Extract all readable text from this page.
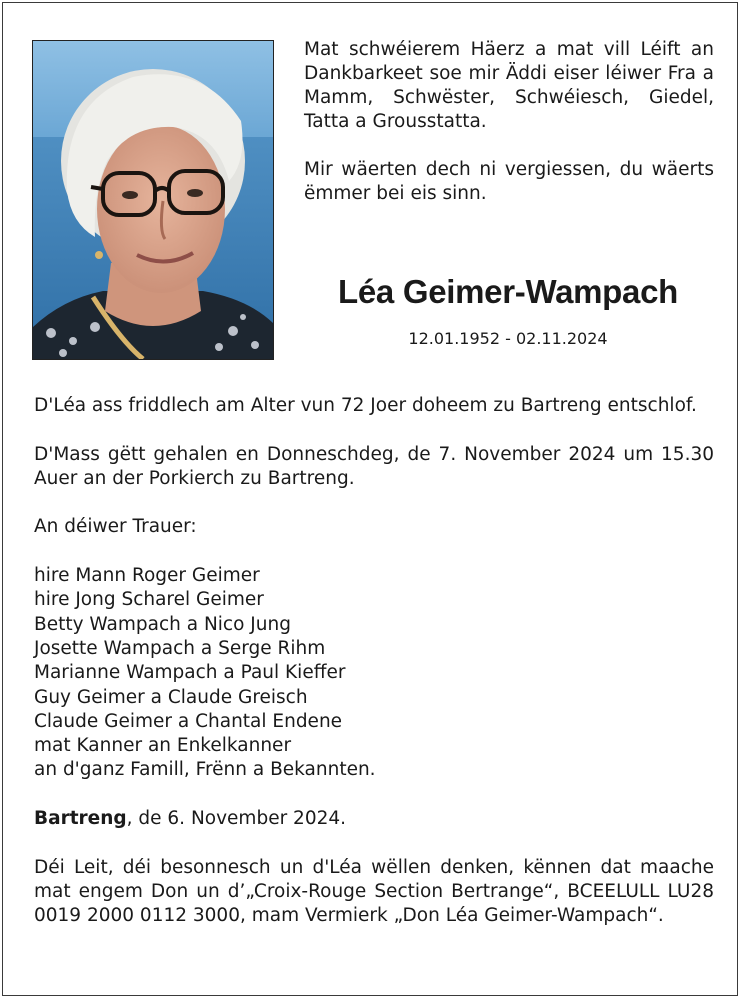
Mat schwéierem Häerz a mat vill Léift an Dankbarkeet soe mir Äddi eiser léiwer Fra a Mamm, Schwëster, Schwéiesch, Giedel, Tatta a Grousstatta.

Mir wäerten dech ni vergiessen, du wäerts ëmmer bei eis sinn.

Léa Geimer-Wampach
12.01.1952 - 02.11.2024

D'Léa ass friddlech am Alter vun 72 Joer doheem zu Bartreng entschlof.

D'Mass gëtt gehalen en Donneschdeg, de 7. November 2024 um 15.30 Auer an der Porkierch zu Bartreng.

An déiwer Trauer:

hire Mann Roger Geimer
hire Jong Scharel Geimer
Betty Wampach a Nico Jung
Josette Wampach a Serge Rihm
Marianne Wampach a Paul Kieffer
Guy Geimer a Claude Greisch
Claude Geimer a Chantal Endene
mat Kanner an Enkelkanner
an d'ganz Famill, Frënn a Bekannten.

Bartreng, de 6. November 2024.

Déi Leit, déi besonnesch un d'Léa wëllen denken, kënnen dat maache mat engem Don un d’„Croix-Rouge Section Bertrange“, BCEELULL LU28 0019 2000 0112 3000, mam Vermierk „Don Léa Geimer-Wampach“.
